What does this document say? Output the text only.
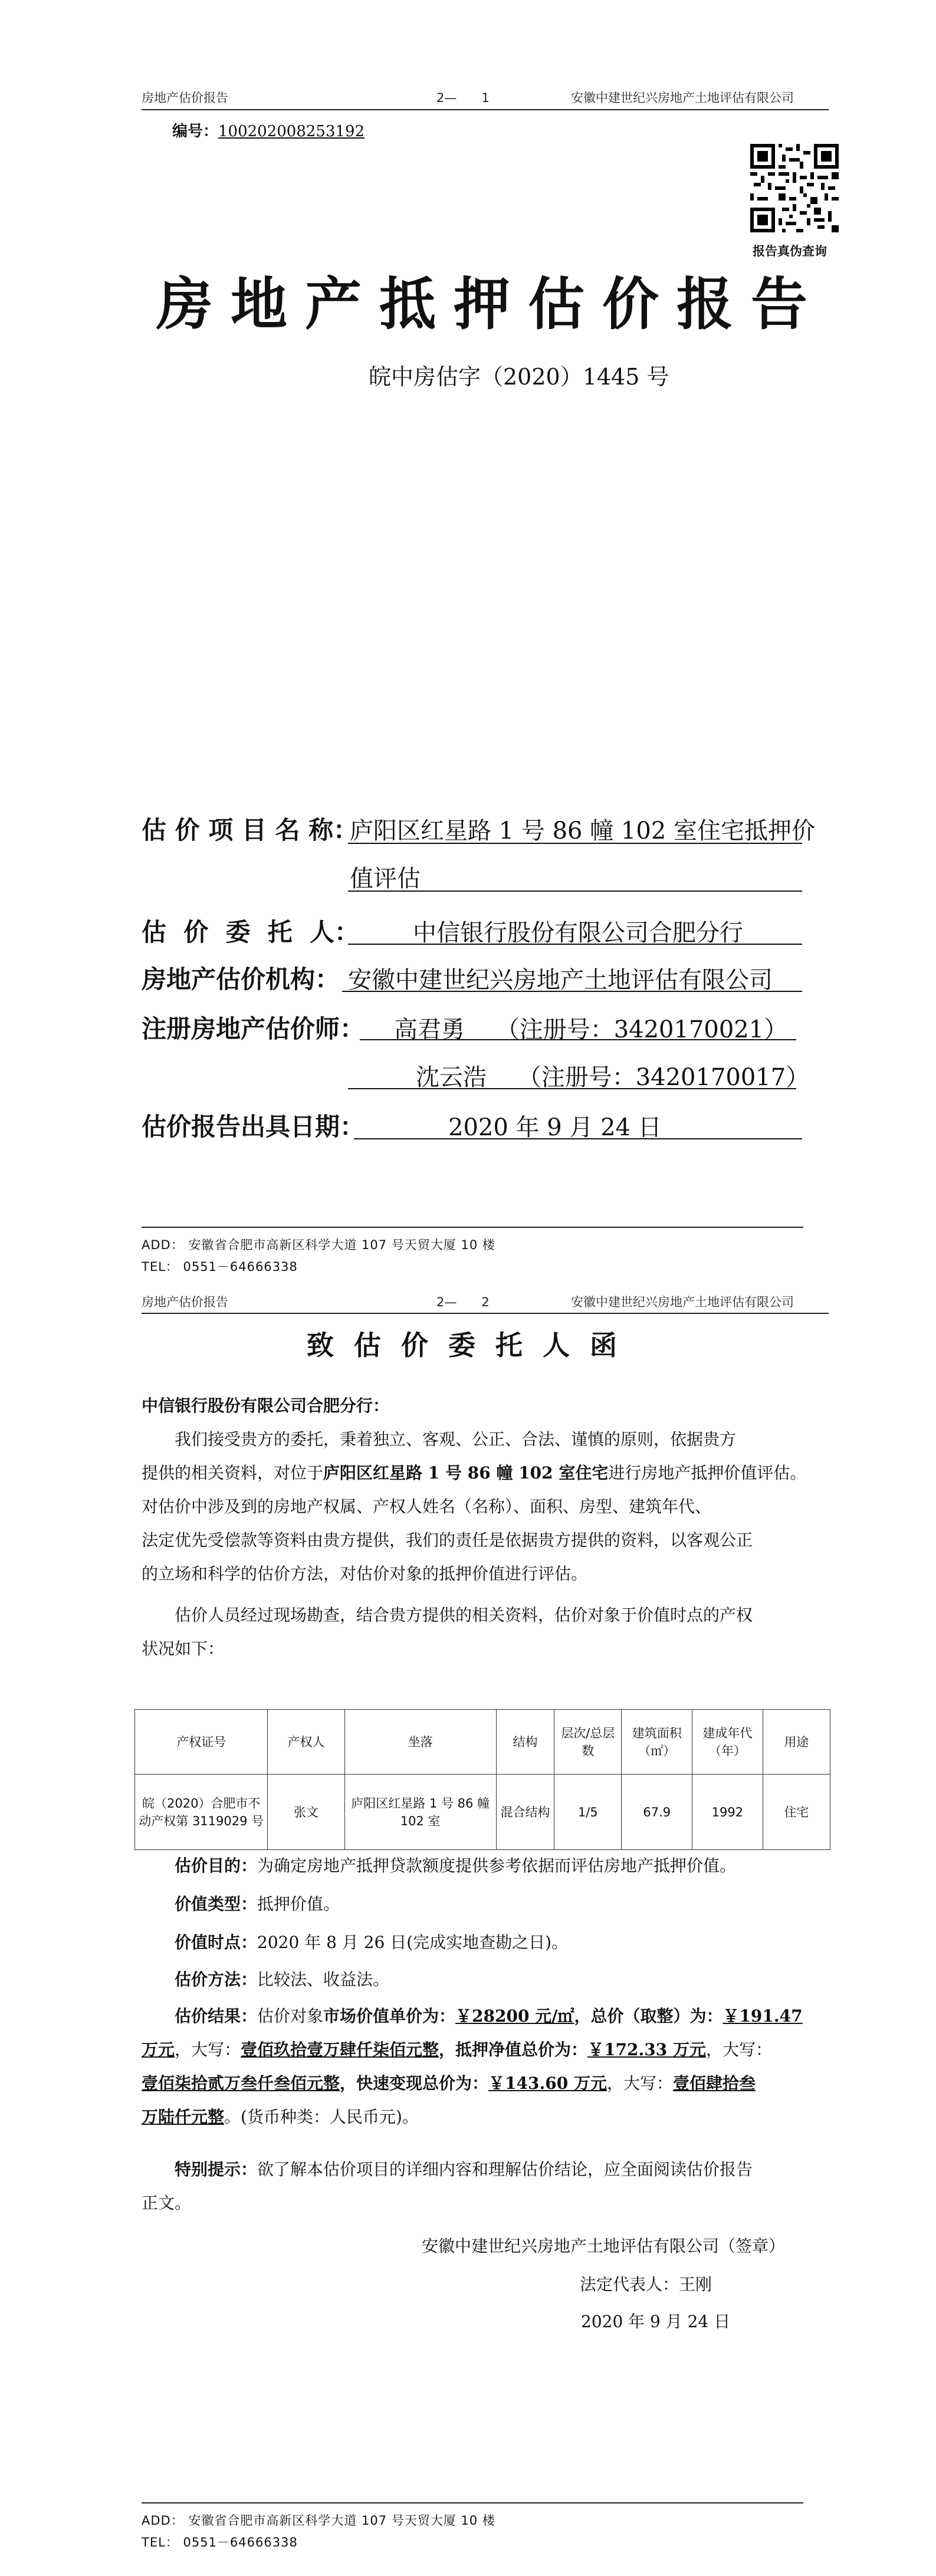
房地产估价报告	2—　　1	安徽中建世纪兴房地产土地评估有限公司
编号：100202008253192
报告真伪查询
房地产抵押估价报告
皖中房估字（2020）1445 号
估 价 项 目 名 称：
庐阳区红星路 1 号 86 幢 102 室住宅抵押价
值评估
估  价  委  托  人： 中信银行股份有限公司合肥分行
房地产估价机构： 安徽中建世纪兴房地产土地评估有限公司
注册房地产估价师： 高君勇　 （注册号：3420170021）
沈云浩　 （注册号：3420170017）
估价报告出具日期：	2020 年 9 月 24 日
ADD： 安徽省合肥市高新区科学大道 107 号天贸大厦 10 楼
TEL： 0551－64666338
房地产估价报告	2—　　2	安徽中建世纪兴房地产土地评估有限公司
致估价委托人函
中信银行股份有限公司合肥分行：
我们接受贵方的委托，秉着独立、客观、公正、合法、谨慎的原则，依据贵方
提供的相关资料，对位于庐阳区红星路 1 号 86 幢 102 室住宅进行房地产抵押价值评估。
对估价中涉及到的房地产权属、产权人姓名（名称）、面积、房型、建筑年代、
法定优先受偿款等资料由贵方提供，我们的责任是依据贵方提供的资料，以客观公正
的立场和科学的估价方法，对估价对象的抵押价值进行评估。
估价人员经过现场勘查，结合贵方提供的相关资料，估价对象于价值时点的产权
状况如下：
产权证号	产权人	坐落	结构	层次/总层数	建筑面积（㎡）	建成年代（年）	用途
皖（2020）合肥市不动产权第 3119029 号	张文	庐阳区红星路 1 号 86 幢 102 室	混合结构	1/5	67.9	1992	住宅
估价目的：为确定房地产抵押贷款额度提供参考依据而评估房地产抵押价值。
价值类型：抵押价值。
价值时点：2020 年 8 月 26 日(完成实地查勘之日)。
估价方法：比较法、收益法。
估价结果：估价对象市场价值单价为：￥28200 元/㎡，总价（取整）为：￥191.47
万元，大写：壹佰玖拾壹万肆仟柒佰元整，抵押净值总价为：￥172.33 万元，大写：
壹佰柒拾贰万叁仟叁佰元整，快速变现总价为：￥143.60 万元，大写：壹佰肆拾叁
万陆仟元整。(货币种类：人民币元)。
特别提示：欲了解本估价项目的详细内容和理解估价结论，应全面阅读估价报告
正文。
安徽中建世纪兴房地产土地评估有限公司（签章）
法定代表人：王刚
2020 年 9 月 24 日
ADD： 安徽省合肥市高新区科学大道 107 号天贸大厦 10 楼
TEL： 0551－64666338
